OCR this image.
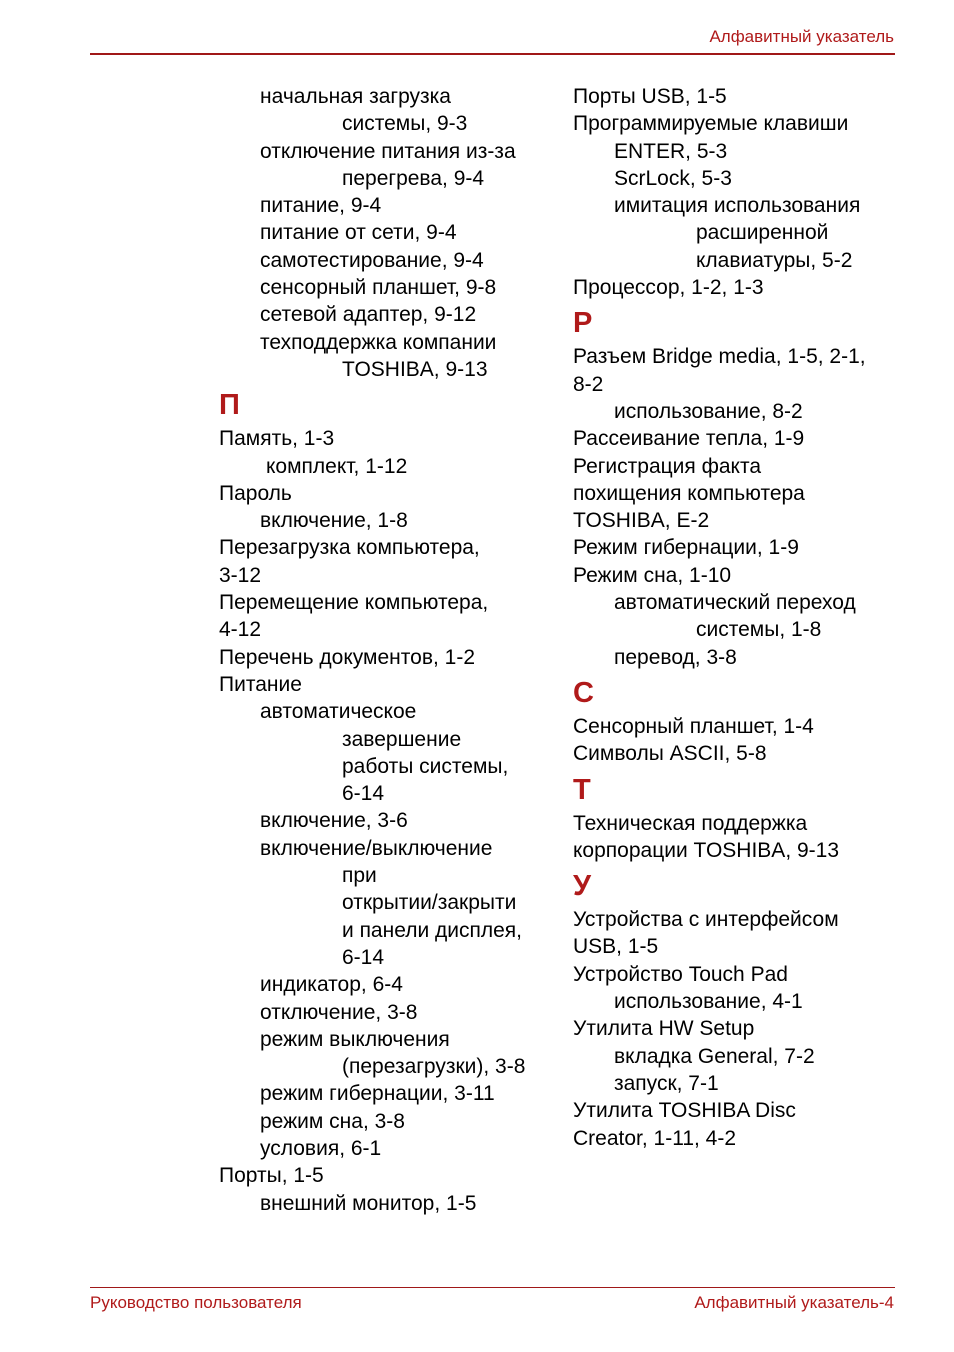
Алфавитный указатель
начальная загрузка
системы, 9-3
отключение питания из-за
перегрева, 9-4
питание, 9-4
питание от сети, 9-4
самотестирование, 9-4
сенсорный планшет, 9-8
сетевой адаптер, 9-12
техподдержка компании
TOSHIBA, 9-13
П
Память, 1-3
комплект, 1-12
Пароль
включение, 1-8
Перезагрузка компьютера,
3-12
Перемещение компьютера,
4-12
Перечень документов, 1-2
Питание
автоматическое
завершение
работы системы,
6-14
включение, 3-6
включение/выключение
при
открытии/закрыти
и панели дисплея,
6-14
индикатор, 6-4
отключение, 3-8
режим выключения
(перезагрузки), 3-8
режим гибернации, 3-11
режим сна, 3-8
условия, 6-1
Порты, 1-5
внешний монитор, 1-5
Порты USB, 1-5
Программируемые клавиши
ENTER, 5-3
ScrLock, 5-3
имитация использования
расширенной
клавиатуры, 5-2
Процессор, 1-2, 1-3
Р
Разъем Bridge media, 1-5, 2-1,
8-2
использование, 8-2
Рассеивание тепла, 1-9
Регистрация факта
похищения компьютера
TOSHIBA, E-2
Режим гибернации, 1-9
Режим сна, 1-10
автоматический переход
системы, 1-8
перевод, 3-8
С
Сенсорный планшет, 1-4
Символы ASCII, 5-8
Т
Техническая поддержка
корпорации TOSHIBA, 9-13
У
Устройства с интерфейсом
USB, 1-5
Устройство Touch Pad
использование, 4-1
Утилита HW Setup
вкладка General, 7-2
запуск, 7-1
Утилита TOSHIBA Disc
Creator, 1-11, 4-2
Руководство пользователя	Алфавитный указатель-4
